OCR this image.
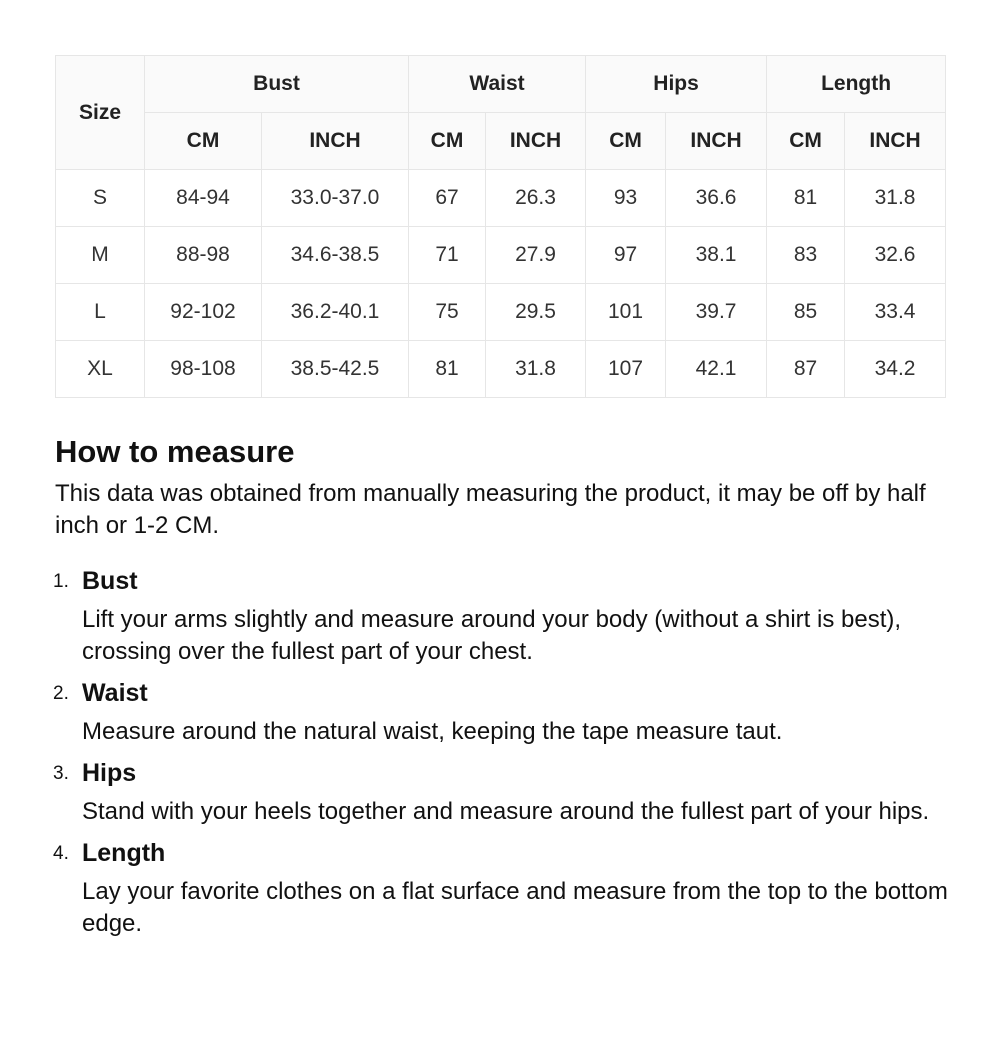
Size	Bust		Waist		Hips		Length	
	CM	INCH	CM	INCH	CM	INCH	CM	INCH
S	84-94	33.0-37.0	67	26.3	93	36.6	81	31.8
M	88-98	34.6-38.5	71	27.9	97	38.1	83	32.6
L	92-102	36.2-40.1	75	29.5	101	39.7	85	33.4
XL	98-108	38.5-42.5	81	31.8	107	42.1	87	34.2
How to measure

This data was obtained from manually measuring the product, it may be off by half inch or 1-2 CM.

1. Bust
Lift your arms slightly and measure around your body (without a shirt is best), crossing over the fullest part of your chest.
2. Waist
Measure around the natural waist, keeping the tape measure taut.
3. Hips
Stand with your heels together and measure around the fullest part of your hips.
4. Length
Lay your favorite clothes on a flat surface and measure from the top to the bottom edge.
